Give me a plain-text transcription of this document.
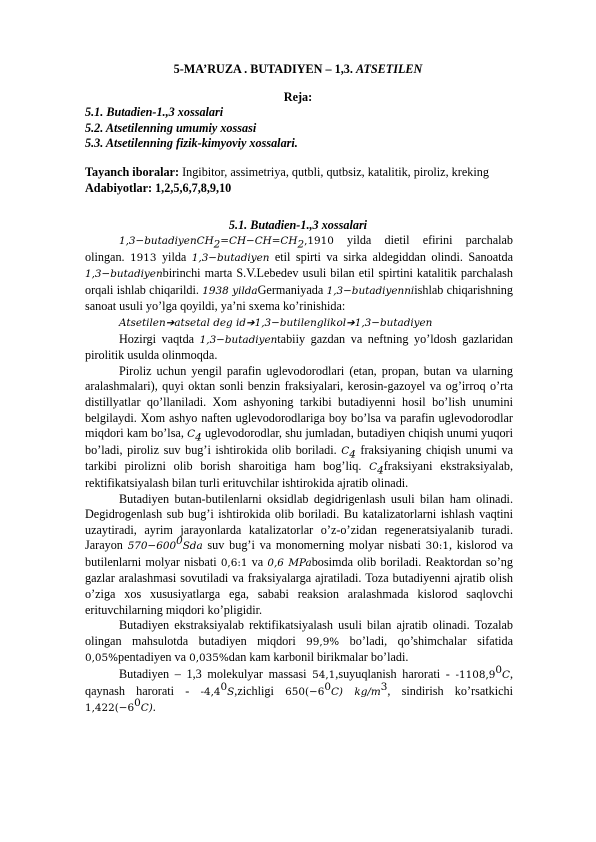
5-MA’RUZA . BUTADIYEN – 1,3. ATSETILEN
Reja:
5.1. Butadien-1.,3 xossalari
5.2. Atsetilenning umumiy xossasi
5.3. Atsetilenning fizik-kimyoviy xossalari.
Tayanch iboralar: Ingibitor, assimetriya, qutbli, qutbsiz, katalitik, piroliz, kreking
Adabiyotlar: 1,2,5,6,7,8,9,10
5.1. Butadien-1.,3 xossalari

$1,3-butadiyenCH_2=CH-CH=CH_2,1910$ yilda dietil efirini parchalab olingan. 1913 yilda 1,3−butadiyen etil spirti va sirka aldegiddan olindi. Sanoatda 1,3−butadiyenbirinchi marta S.V.Lebedev usuli bilan etil spirtini katalitik parchalash orqali ishlab chiqarildi. 1938 yildaGermaniyada 1,3−butadiyenniishlab chiqarishning sanoat usuli yo’lga qoyildi, ya’ni sxema ko’rinishida:

Atsetilen➔atsetal deg id➔1,3−butilenglikol➔1,3−butadiyen

Hozirgi vaqtda 1,3−butadiyentabiiy gazdan va neftning yo’ldosh gazlaridan pirolitik usulda olinmoqda.

Piroliz uchun yengil parafin uglevodorodlari (etan, propan, butan va ularning aralashmalari), quyi oktan sonli benzin fraksiyalari, kerosin-gazoyel va og’irroq o’rta distillyatlar qo’llaniladi. Xom ashyoning tarkibi butadiyenni hosil bo’lish unumini belgilaydi. Xom ashyo naften uglevodorodlariga boy bo’lsa va parafin uglevodorodlar miqdori kam bo’lsa, $C_4$ uglevodorodlar, shu jumladan, butadiyen chiqish unumi yuqori bo’ladi, piroliz suv bug’i ishtirokida olib boriladi. $C_4$ fraksiyaning chiqish unumi va tarkibi pirolizni olib borish sharoitiga ham bog’liq. $C_4fraksiyani$ ekstraksiyalab, rektifikatsiyalash bilan turli erituvchilar ishtirokida ajratib olinadi.

Butadiyen butan-butilenlarni oksidlab degidrigenlash usuli bilan ham olinadi. Degidrogenlash sub bug’i ishtirokida olib boriladi. Bu katalizatorlarni ishlash vaqtini uzaytiradi, ayrim jarayonlarda katalizatorlar o’z-o’zidan regeneratsiyalanib turadi. Jarayon $570-600^0Sda$ suv bug’i va monomerning molyar nisbati 30:1, kislorod va butilenlarni molyar nisbati 0,6:1 va 0,6 MPabosimda olib boriladi. Reaktordan so’ng gazlar aralashmasi sovutiladi va fraksiyalarga ajratiladi. Toza butadiyenni ajratib olish o’ziga xos xususiyatlarga ega, sababi reaksion aralashmada kislorod saqlovchi erituvchilarning miqdori ko’pligidir.

Butadiyen ekstraksiyalab rektifikatsiyalash usuli bilan ajratib olinadi. Tozalab olingan mahsulotda butadiyen miqdori 99,9% bo’ladi, qo’shimchalar sifatida 0,05%pentadiyen va 0,035%dan kam karbonil birikmalar bo’ladi.

Butadiyen – 1,3 molekulyar massasi 54,1,suyuqlanish harorati - -1108,9$^0$C, qaynash harorati - -4,4$^0$S,zichligi 650(−6$^0$C) kg/m$^3$, sindirish ko’rsatkichi 1,422(−6$^0$C).
